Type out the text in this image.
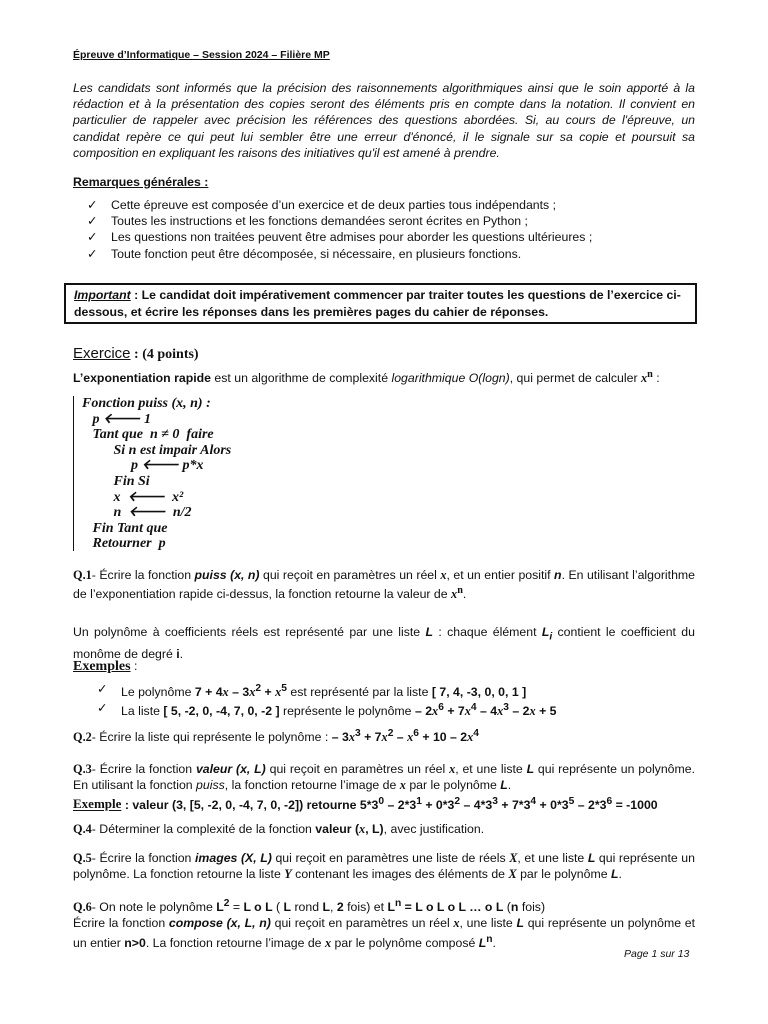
Épreuve d’Informatique – Session 2024 – Filière MP
Les candidats sont informés que la précision des raisonnements algorithmiques ainsi que le soin apporté à la rédaction et à la présentation des copies seront des éléments pris en compte dans la notation. Il convient en particulier de rappeler avec précision les références des questions abordées. Si, au cours de l'épreuve, un candidat repère ce qui peut lui sembler être une erreur d'énoncé, il le signale sur sa copie et poursuit sa composition en expliquant les raisons des initiatives qu'il est amené à prendre.
Remarques générales :
✓ Cette épreuve est composée d’un exercice et de deux parties tous indépendants ;
✓ Toutes les instructions et les fonctions demandées seront écrites en Python ;
✓ Les questions non traitées peuvent être admises pour aborder les questions ultérieures ;
✓ Toute fonction peut être décomposée, si nécessaire, en plusieurs fonctions.
Important : Le candidat doit impérativement commencer par traiter toutes les questions de l’exercice ci-dessous, et écrire les réponses dans les premières pages du cahier de réponses.
Exercice : (4 points)
L’exponentiation rapide est un algorithme de complexité logarithmique O(logn), qui permet de calculer $x^n$ :
Fonction puiss (x, n) :
p 🡐 1
Tant que  n ≠ 0  faire
Si n est impair Alors
p 🡐 p*x
Fin Si
x  🡐  x²
n  🡐  n/2
Fin Tant que
Retourner  p
Q.1- Écrire la fonction puiss (x, n) qui reçoit en paramètres un réel x, et un entier positif n. En utilisant l’algorithme de l’exponentiation rapide ci-dessus, la fonction retourne la valeur de $x^n$.
Un polynôme à coefficients réels est représenté par une liste L : chaque élément $L_i$ contient le coefficient du monôme de degré i.
Exemples :
✓ Le polynôme $7 + 4x - 3x^2 + x^5$ est représenté par la liste [ 7, 4, -3, 0, 0, 1 ]
✓ La liste [ 5, -2, 0, -4, 7, 0, -2 ] représente le polynôme – $2x^6 + 7x^4 - 4x^3 - 2x + 5$
Q.2- Écrire la liste qui représente le polynôme : – $3x^3 + 7x^2 - x^6 + 10 - 2x^4$
Q.3- Écrire la fonction valeur (x, L) qui reçoit en paramètres un réel x, et une liste L qui représente un polynôme. En utilisant la fonction puiss, la fonction retourne l’image de x par le polynôme L.
Exemple : valeur (3, [5, -2, 0, -4, 7, 0, -2]) retourne $5*3^0 - 2*3^1 + 0*3^2 - 4*3^3 + 7*3^4 + 0*3^5 - 2*3^6 = -1000$
Q.4- Déterminer la complexité de la fonction valeur (x, L), avec justification.
Q.5- Écrire la fonction images (X, L) qui reçoit en paramètres une liste de réels X, et une liste L qui représente un polynôme. La fonction retourne la liste Y contenant les images des éléments de X par le polynôme L.
Q.6- On note le polynôme $L^2 = L$ o L ( L rond L, 2 fois) et $L^n = L$ o L o L … o L (n fois)
Écrire la fonction compose (x, L, n) qui reçoit en paramètres un réel x, une liste L qui représente un polynôme et un entier n>0. La fonction retourne l’image de x par le polynôme composé $L^n$.
Page 1 sur 13
